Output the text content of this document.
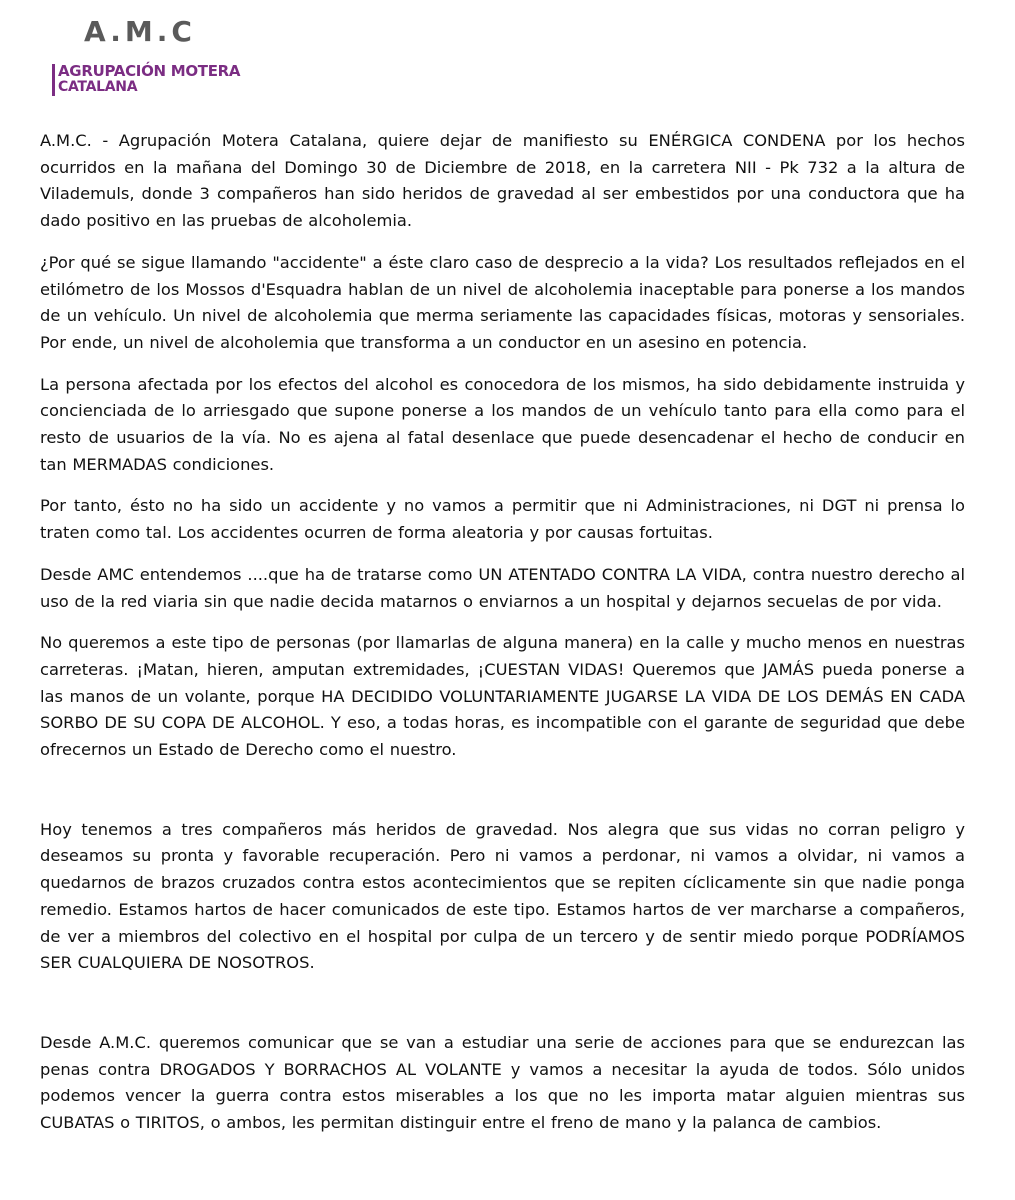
A.M.C
AGRUPACIÓN MOTERA
CATALANA

A.M.C. - Agrupación Motera Catalana, quiere dejar de manifiesto su ENÉRGICA CONDENA por los hechos ocurridos en la mañana del Domingo 30 de Diciembre de 2018, en la carretera NII - Pk 732 a la altura de Vilademuls, donde 3 compañeros han sido heridos de gravedad al ser embestidos por una conductora que ha dado positivo en las pruebas de alcoholemia.

¿Por qué se sigue llamando "accidente" a éste claro caso de desprecio a la vida? Los resultados reflejados en el etilómetro de los Mossos d'Esquadra hablan de un nivel de alcoholemia inaceptable para ponerse a los mandos de un vehículo. Un nivel de alcoholemia que merma seriamente las capacidades físicas, motoras y sensoriales. Por ende, un nivel de alcoholemia que transforma a un conductor en un asesino en potencia.

La persona afectada por los efectos del alcohol es conocedora de los mismos, ha sido debidamente instruida y concienciada de lo arriesgado que supone ponerse a los mandos de un vehículo tanto para ella como para el resto de usuarios de la vía. No es ajena al fatal desenlace que puede desencadenar el hecho de conducir en tan MERMADAS condiciones.

Por tanto, ésto no ha sido un accidente y no vamos a permitir que ni Administraciones, ni DGT ni prensa lo traten como tal. Los accidentes ocurren de forma aleatoria y por causas fortuitas.

Desde AMC entendemos ....que ha de tratarse como UN ATENTADO CONTRA LA VIDA, contra nuestro derecho al uso de la red viaria sin que nadie decida matarnos o enviarnos a un hospital y dejarnos secuelas de por vida.

No queremos a este tipo de personas (por llamarlas de alguna manera) en la calle y mucho menos en nuestras carreteras. ¡Matan, hieren, amputan extremidades, ¡CUESTAN VIDAS! Queremos que JAMÁS pueda ponerse a las manos de un volante, porque HA DECIDIDO VOLUNTARIAMENTE JUGARSE LA VIDA DE LOS DEMÁS EN CADA SORBO DE SU COPA DE ALCOHOL. Y eso, a todas horas, es incompatible con el garante de seguridad que debe ofrecernos un Estado de Derecho como el nuestro.

Hoy tenemos a tres compañeros más heridos de gravedad. Nos alegra que sus vidas no corran peligro y deseamos su pronta y favorable recuperación. Pero ni vamos a perdonar, ni vamos a olvidar, ni vamos a quedarnos de brazos cruzados contra estos acontecimientos que se repiten cíclicamente sin que nadie ponga remedio. Estamos hartos de hacer comunicados de este tipo. Estamos hartos de ver marcharse a compañeros, de ver a miembros del colectivo en el hospital por culpa de un tercero y de sentir miedo porque PODRÍAMOS SER CUALQUIERA DE NOSOTROS.

Desde A.M.C. queremos comunicar que se van a estudiar una serie de acciones para que se endurezcan las penas contra DROGADOS Y BORRACHOS AL VOLANTE y vamos a necesitar la ayuda de todos. Sólo unidos podemos vencer la guerra contra estos miserables a los que no les importa matar alguien mientras sus CUBATAS o TIRITOS, o ambos, les permitan distinguir entre el freno de mano y la palanca de cambios.
